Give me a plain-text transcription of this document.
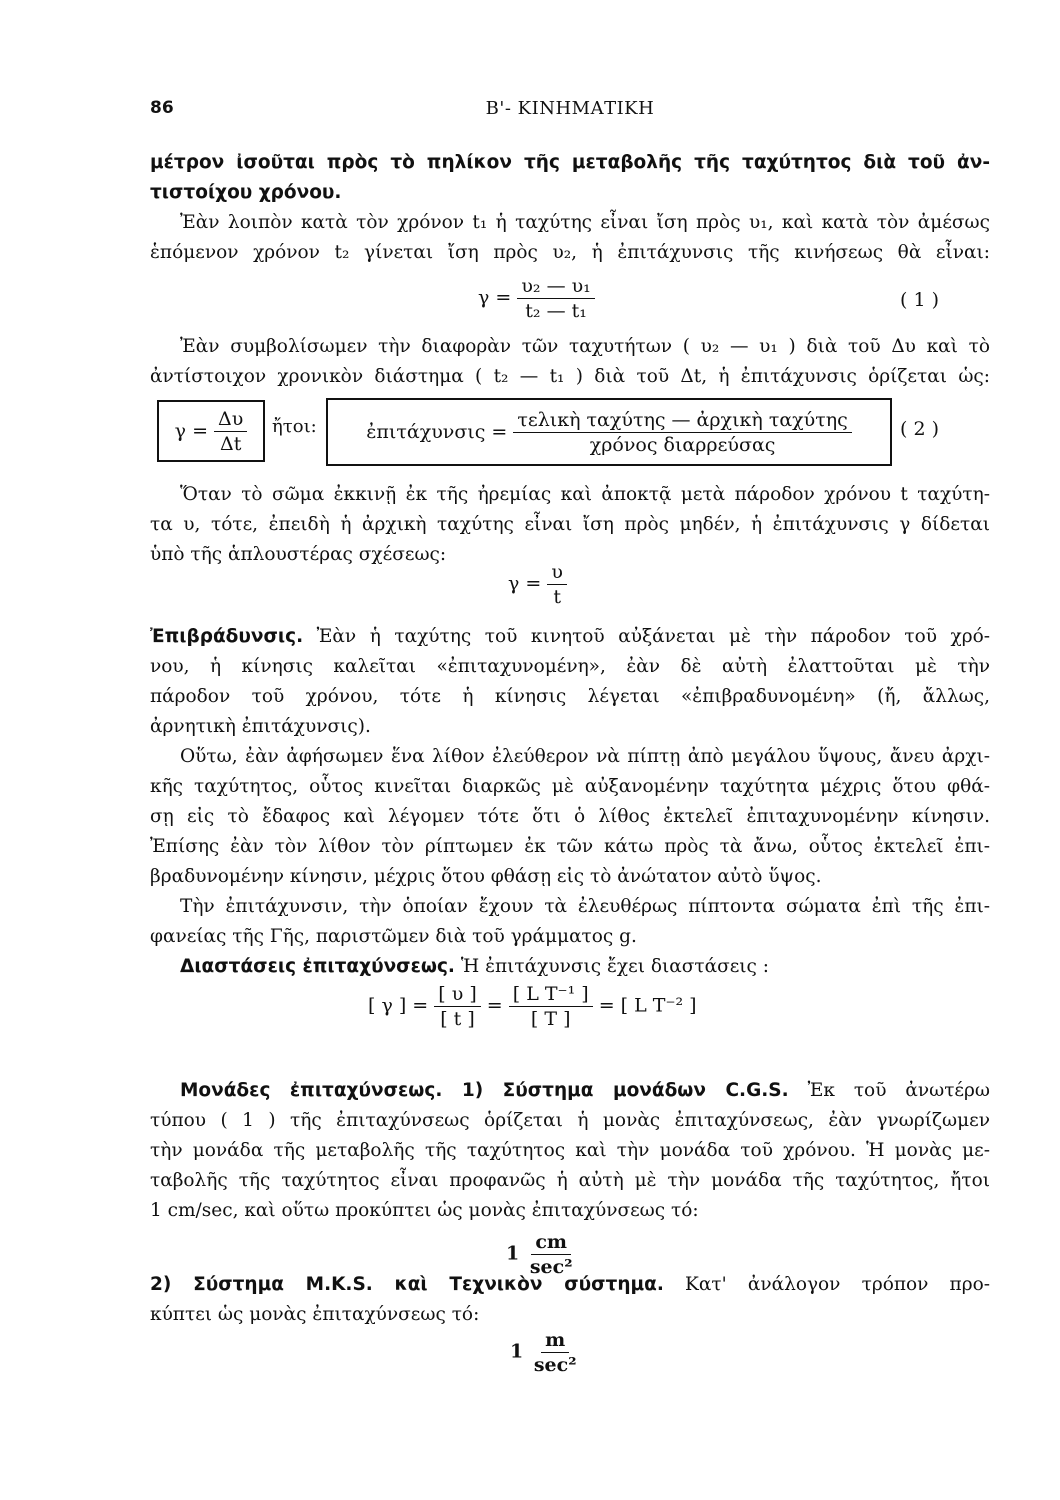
86	Β'- ΚΙΝΗΜΑΤΙΚΗ
μέτρον ἰσοῦται πρὸς τὸ πηλίκον τῆς μεταβολῆς τῆς ταχύτητος διὰ τοῦ ἀν-
τιστοίχου χρόνου.
Ἐὰν λοιπὸν κατὰ τὸν χρόνον t₁ ἡ ταχύτης εἶναι ἴση πρὸς υ₁, καὶ κατὰ τὸν ἀμέσως
ἑπόμενον χρόνον t₂ γίνεται ἴση πρὸς υ₂, ἡ ἐπιτάχυνσις τῆς κινήσεως θὰ εἶναι:
$\gamma = \frac{\text{υ₂ — υ₁}}{\text{t₂ — t₁}}$	( 1 )
Ἐὰν συμβολίσωμεν τὴν διαφορὰν τῶν ταχυτήτων ( υ₂ — υ₁ ) διὰ τοῦ Δυ καὶ τὸ
ἀντίστοιχον χρονικὸν διάστημα ( t₂ — t₁ ) διὰ τοῦ Δt, ἡ ἐπιτάχυνσις ὁρίζεται ὡς:
γ =
$\frac{\Delta\upsilon}{\Delta t}$ ἤτοι:	ἐπιτάχυνσις =
$\frac{\text{τελικὴ ταχύτης — ἀρχικὴ ταχύτης}}{\text{χρόνος διαρρεύσας}}$	( 2 )
Ὅταν τὸ σῶμα ἐκκινῇ ἐκ τῆς ἠρεμίας καὶ ἀποκτᾷ μετὰ πάροδον χρόνου t ταχύτη-
τα υ, τότε, ἐπειδὴ ἡ ἀρχικὴ ταχύτης εἶναι ἴση πρὸς μηδέν, ἡ ἐπιτάχυνσις γ δίδεται
ὑπὸ τῆς ἁπλουστέρας σχέσεως:
$\gamma = \frac{\upsilon}{t}$
Ἐπιβράδυνσις. Ἐὰν ἡ ταχύτης τοῦ κινητοῦ αὐξάνεται μὲ τὴν πάροδον τοῦ χρό-
νου, ἡ κίνησις καλεῖται «ἐπιταχυνομένη», ἐὰν δὲ αὐτὴ ἐλαττοῦται μὲ τὴν
πάροδον τοῦ χρόνου, τότε ἡ κίνησις λέγεται «ἐπιβραδυνομένη» (ἤ, ἄλλως,
ἀρνητικὴ ἐπιτάχυνσις).
Οὕτω, ἐὰν ἀφήσωμεν ἕνα λίθον ἐλεύθερον νὰ πίπτῃ ἀπὸ μεγάλου ὕψους, ἄνευ ἀρχι-
κῆς ταχύτητος, οὗτος κινεῖται διαρκῶς μὲ αὐξανομένην ταχύτητα μέχρις ὅτου φθά-
σῃ εἰς τὸ ἔδαφος καὶ λέγομεν τότε ὅτι ὁ λίθος ἐκτελεῖ ἐπιταχυνομένην κίνησιν.
Ἐπίσης ἐὰν τὸν λίθον τὸν ρίπτωμεν ἐκ τῶν κάτω πρὸς τὰ ἄνω, οὗτος ἐκτελεῖ ἐπι-
βραδυνομένην κίνησιν, μέχρις ὅτου φθάσῃ εἰς τὸ ἀνώτατον αὐτὸ ὕψος.
Τὴν ἐπιτάχυνσιν, τὴν ὁποίαν ἔχουν τὰ ἐλευθέρως πίπτοντα σώματα ἐπὶ τῆς ἐπι-
φανείας τῆς Γῆς, παριστῶμεν διὰ τοῦ γράμματος g.
Διαστάσεις ἐπιταχύνσεως. Ἡ ἐπιτάχυνσις ἔχει διαστάσεις :
[ γ ] = $\frac{[ \upsilon ]}{[ t ]} = \frac{\text{[ L T⁻¹ ]}}{[ T ]}$ = [ L T⁻² ]
Μονάδες ἐπιταχύνσεως. 1) Σύστημα μονάδων C.G.S. Ἐκ τοῦ ἀνωτέρω
τύπου ( 1 ) τῆς ἐπιταχύνσεως ὁρίζεται ἡ μονὰς ἐπιταχύνσεως, ἐὰν γνωρίζωμεν
τὴν μονάδα τῆς μεταβολῆς τῆς ταχύτητος καὶ τὴν μονάδα τοῦ χρόνου. Ἡ μονὰς με-
ταβολῆς τῆς ταχύτητος εἶναι προφανῶς ἡ αὐτὴ μὲ τὴν μονάδα τῆς ταχύτητος, ἤτοι
1 cm/sec, καὶ οὕτω προκύπτει ὡς μονὰς ἐπιταχύνσεως τό:
$1 \frac{cm}{\text{sec²}}$
2) Σύστημα M.K.S. καὶ Τεχνικὸν σύστημα. Κατ' ἀνάλογον τρόπον προ-
κύπτει ὡς μονὰς ἐπιταχύνσεως τό:
$1 \frac{m}{\text{sec²}}$
